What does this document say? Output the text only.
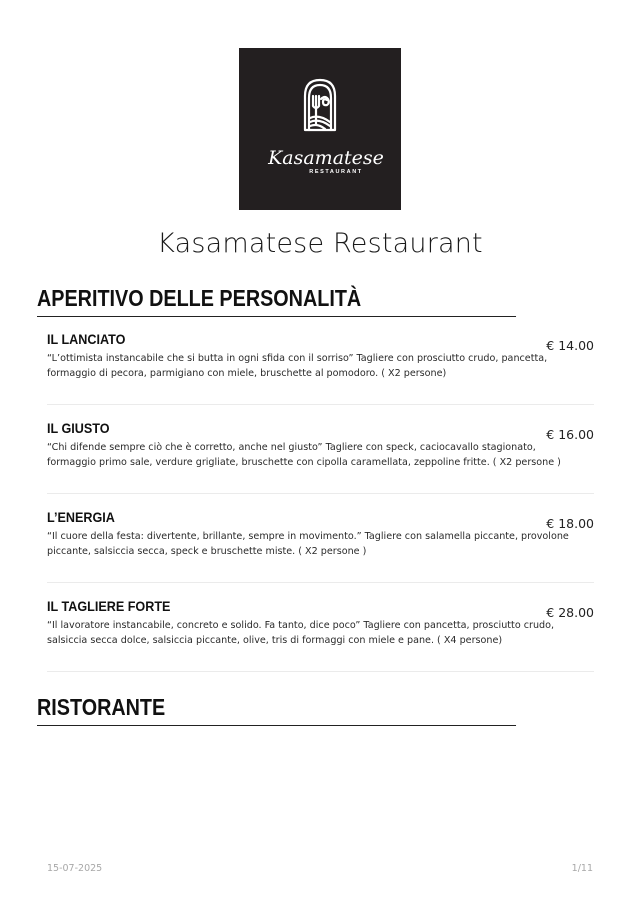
Kasamatese
RESTAURANT
Kasamatese Restaurant
APERITIVO DELLE PERSONALITÀ
IL LANCIATO	€ 14.00
“L’ottimista instancabile che si butta in ogni sfida con il sorriso” Tagliere con prosciutto crudo, pancetta, formaggio di pecora, parmigiano con miele, bruschette al pomodoro. ( X2 persone)
IL GIUSTO	€ 16.00
“Chi difende sempre ciò che è corretto, anche nel giusto” Tagliere con speck, caciocavallo stagionato, formaggio primo sale, verdure grigliate, bruschette con cipolla caramellata, zeppoline fritte. ( X2 persone )
L’ENERGIA	€ 18.00
“Il cuore della festa: divertente, brillante, sempre in movimento.” Tagliere con salamella piccante, provolone piccante, salsiccia secca, speck e bruschette miste. ( X2 persone )
IL TAGLIERE FORTE	€ 28.00
“Il lavoratore instancabile, concreto e solido. Fa tanto, dice poco” Tagliere con pancetta, prosciutto crudo, salsiccia secca dolce, salsiccia piccante, olive, tris di formaggi con miele e pane. ( X4 persone)
RISTORANTE
15-07-2025	1/11
